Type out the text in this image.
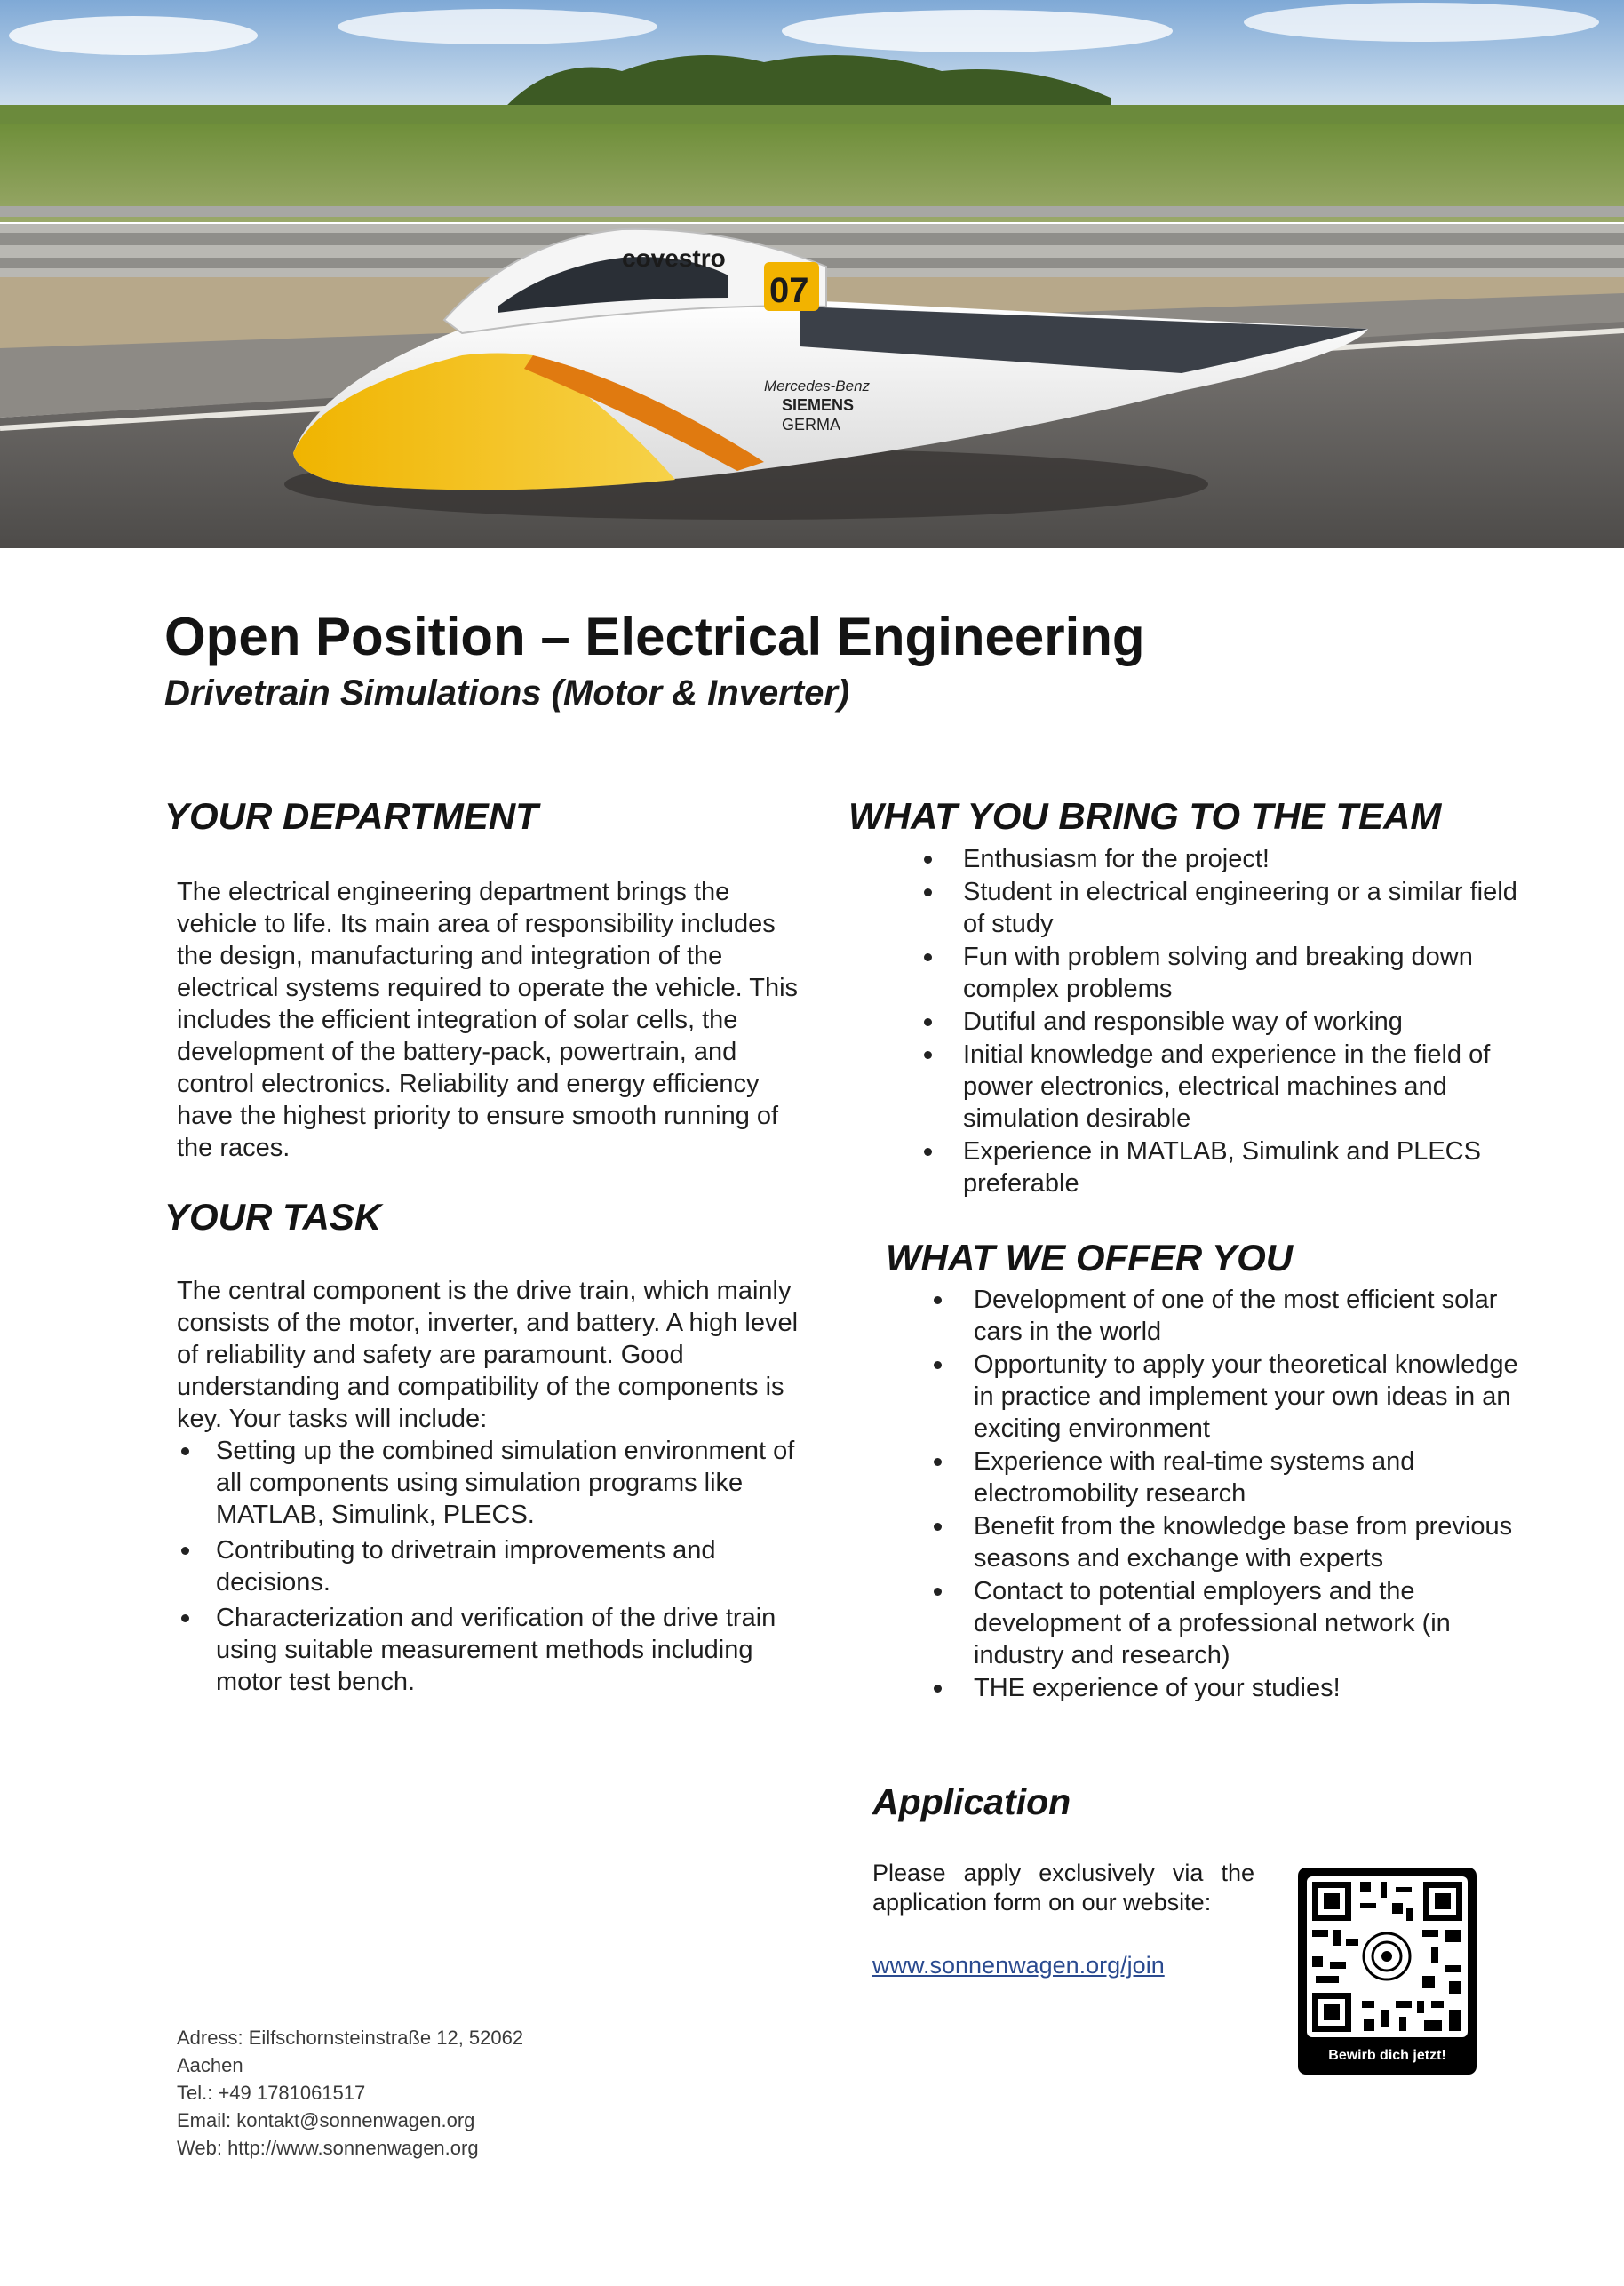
covestro
07
Mercedes-Benz
SIEMENS
GERMA
Open Position – Electrical Engineering
Drivetrain Simulations (Motor & Inverter)
YOUR DEPARTMENT

The electrical engineering department brings the vehicle to life. Its main area of responsibility includes the design, manufacturing and integration of the electrical systems required to operate the vehicle. This includes the efficient integration of solar cells, the development of the battery-pack, powertrain, and control electronics. Reliability and energy efficiency have the highest priority to ensure smooth running of the races.

YOUR TASK

The central component is the drive train, which mainly consists of the motor, inverter, and battery. A high level of reliability and safety are paramount. Good understanding and compatibility of the components is key. Your tasks will include:

Setting up the combined simulation environment of all components using simulation programs like MATLAB, Simulink, PLECS.
Contributing to drivetrain improvements and decisions.
Characterization and verification of the drive train using suitable measurement methods including motor test bench.
WHAT YOU BRING TO THE TEAM
Enthusiasm for the project!
Student in electrical engineering or a similar field of study
Fun with problem solving and breaking down complex problems
Dutiful and responsible way of working
Initial knowledge and experience in the field of power electronics, electrical machines and simulation desirable
Experience in MATLAB, Simulink and PLECS preferable
WHAT WE OFFER YOU
Development of one of the most efficient solar cars in the world
Opportunity to apply your theoretical knowledge in practice and implement your own ideas in an exciting environment
Experience with real-time systems and electromobility research
Benefit from the knowledge base from previous seasons and exchange with experts
Contact to potential employers and the development of a professional network (in industry and research)
THE experience of your studies!
Application

Please apply exclusively via the application form on our website:

www.sonnenwagen.org/join
Bewirb dich jetzt!
Adress: Eilfschornsteinstraße 12, 52062
Aachen
Tel.: +49 1781061517
Email: kontakt@sonnenwagen.org
Web: http://www.sonnenwagen.org
